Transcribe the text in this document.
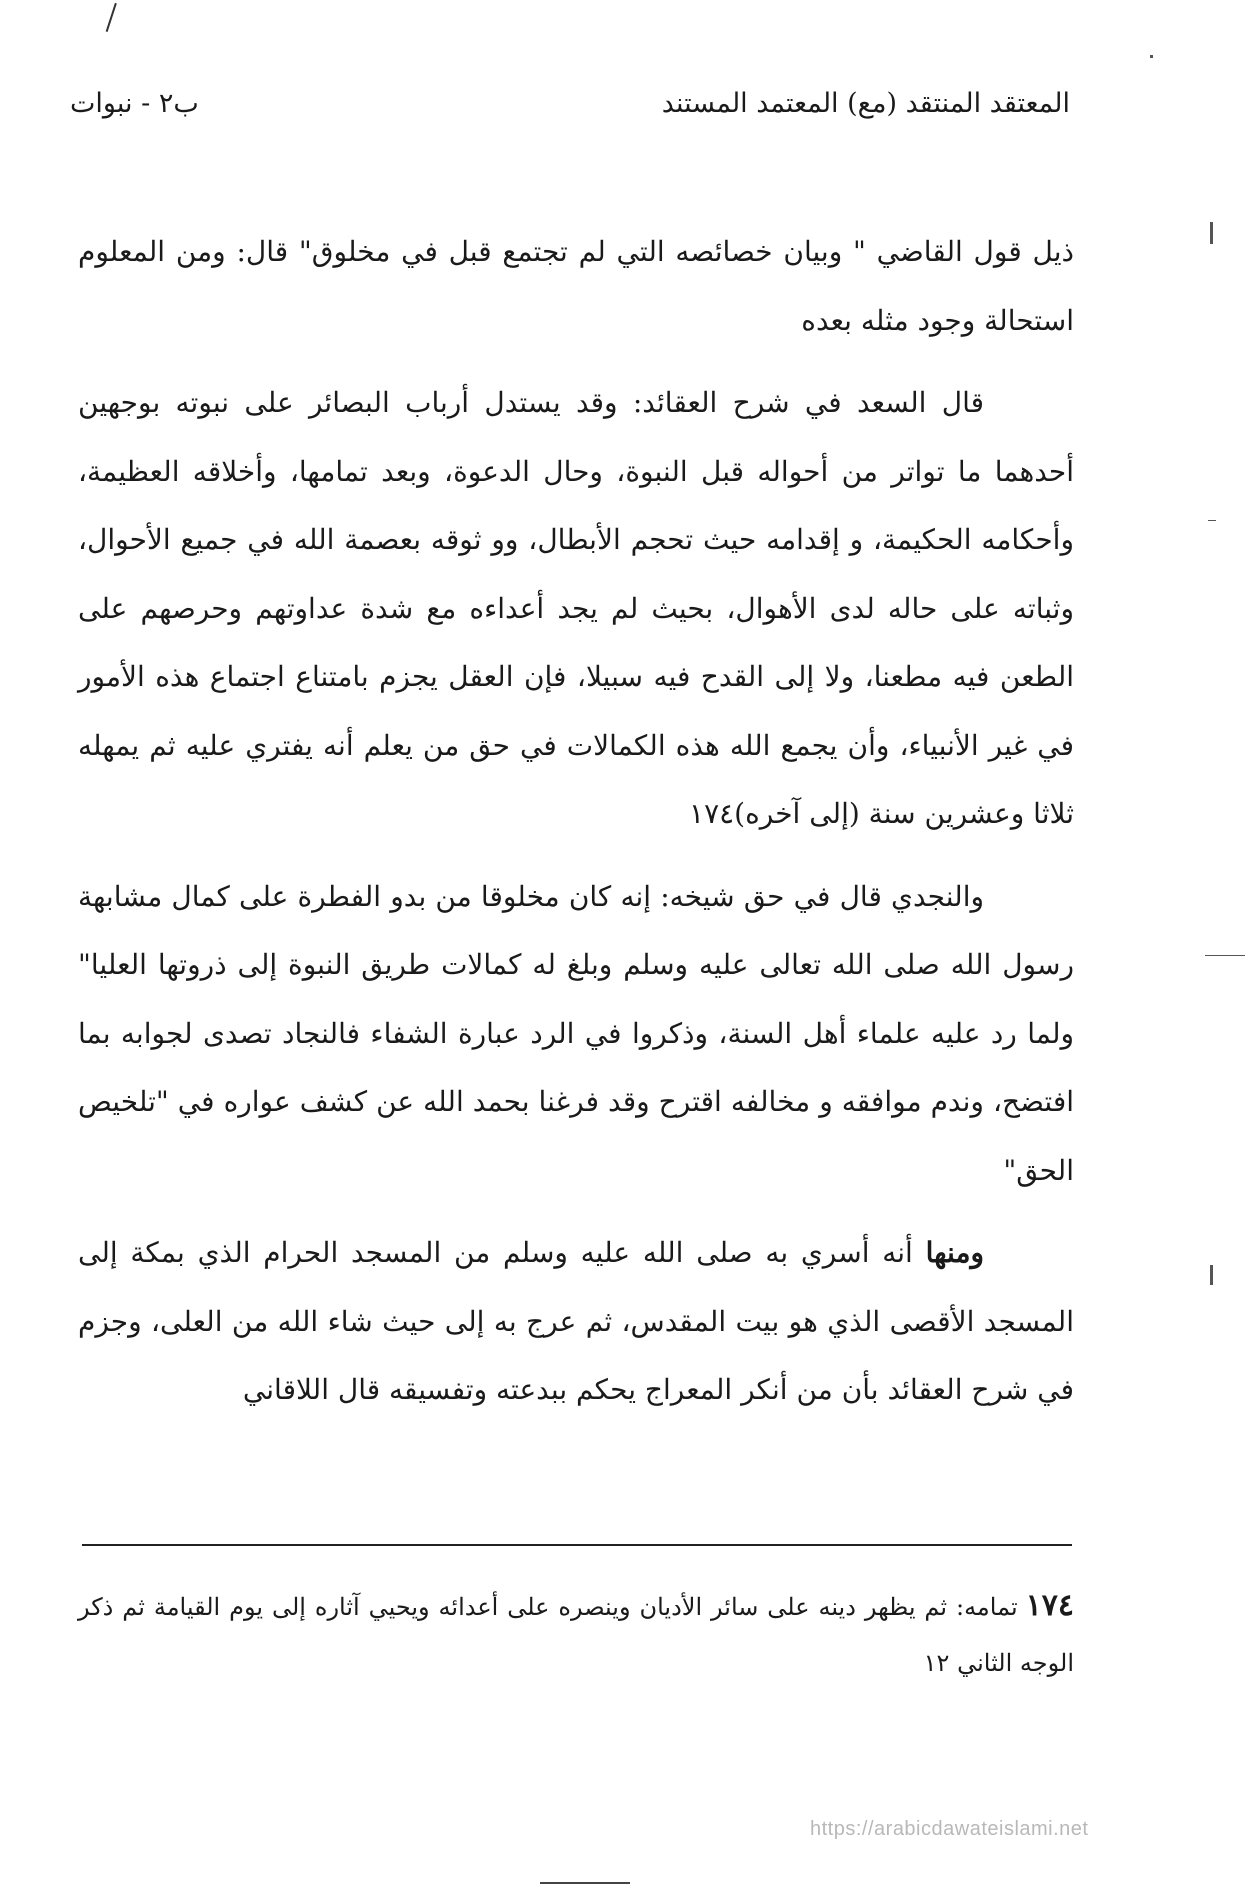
المعتقد المنتقد (مع) المعتمد المستند
ب٢ - نبوات

ذيل قول القاضي " وبيان خصائصه التي لم تجتمع قبل في مخلوق" قال: ومن المعلوم استحالة وجود مثله بعده

قال السعد في شرح العقائد: وقد يستدل أرباب البصائر على نبوته بوجهين أحدهما ما تواتر من أحواله قبل النبوة، وحال الدعوة، وبعد تمامها، وأخلاقه العظيمة، وأحكامه الحكيمة، و إقدامه حيث تحجم الأبطال، وو ثوقه بعصمة الله في جميع الأحوال، وثباته على حاله لدى الأهوال، بحيث لم يجد أعداءه مع شدة عداوتهم وحرصهم على الطعن فيه مطعنا، ولا إلى القدح فيه سبيلا، فإن العقل يجزم بامتناع اجتماع هذه الأمور في غير الأنبياء، وأن يجمع الله هذه الكمالات في حق من يعلم أنه يفتري عليه ثم يمهله ثلاثا وعشرين سنة (إلى آخره)١٧٤

والنجدي قال في حق شيخه: إنه كان مخلوقا من بدو الفطرة على كمال مشابهة رسول الله صلى الله تعالى عليه وسلم وبلغ له كمالات طريق النبوة إلى ذروتها العليا" ولما رد عليه علماء أهل السنة، وذكروا في الرد عبارة الشفاء فالنجاد تصدى لجوابه بما افتضح، وندم موافقه و مخالفه اقترح وقد فرغنا بحمد الله عن كشف عواره في "تلخيص الحق"

ومنها أنه أسري به صلى الله عليه وسلم من المسجد الحرام الذي بمكة إلى المسجد الأقصى الذي هو بيت المقدس، ثم عرج به إلى حيث شاء الله من العلى، وجزم في شرح العقائد بأن من أنكر المعراج يحكم ببدعته وتفسيقه قال اللاقاني

١٧٤تمامه: ثم يظهر دينه على سائر الأديان وينصره على أعدائه ويحيي آثاره إلى يوم القيامة ثم ذكر الوجه الثاني ١٢
https://arabicdawateislami.net
